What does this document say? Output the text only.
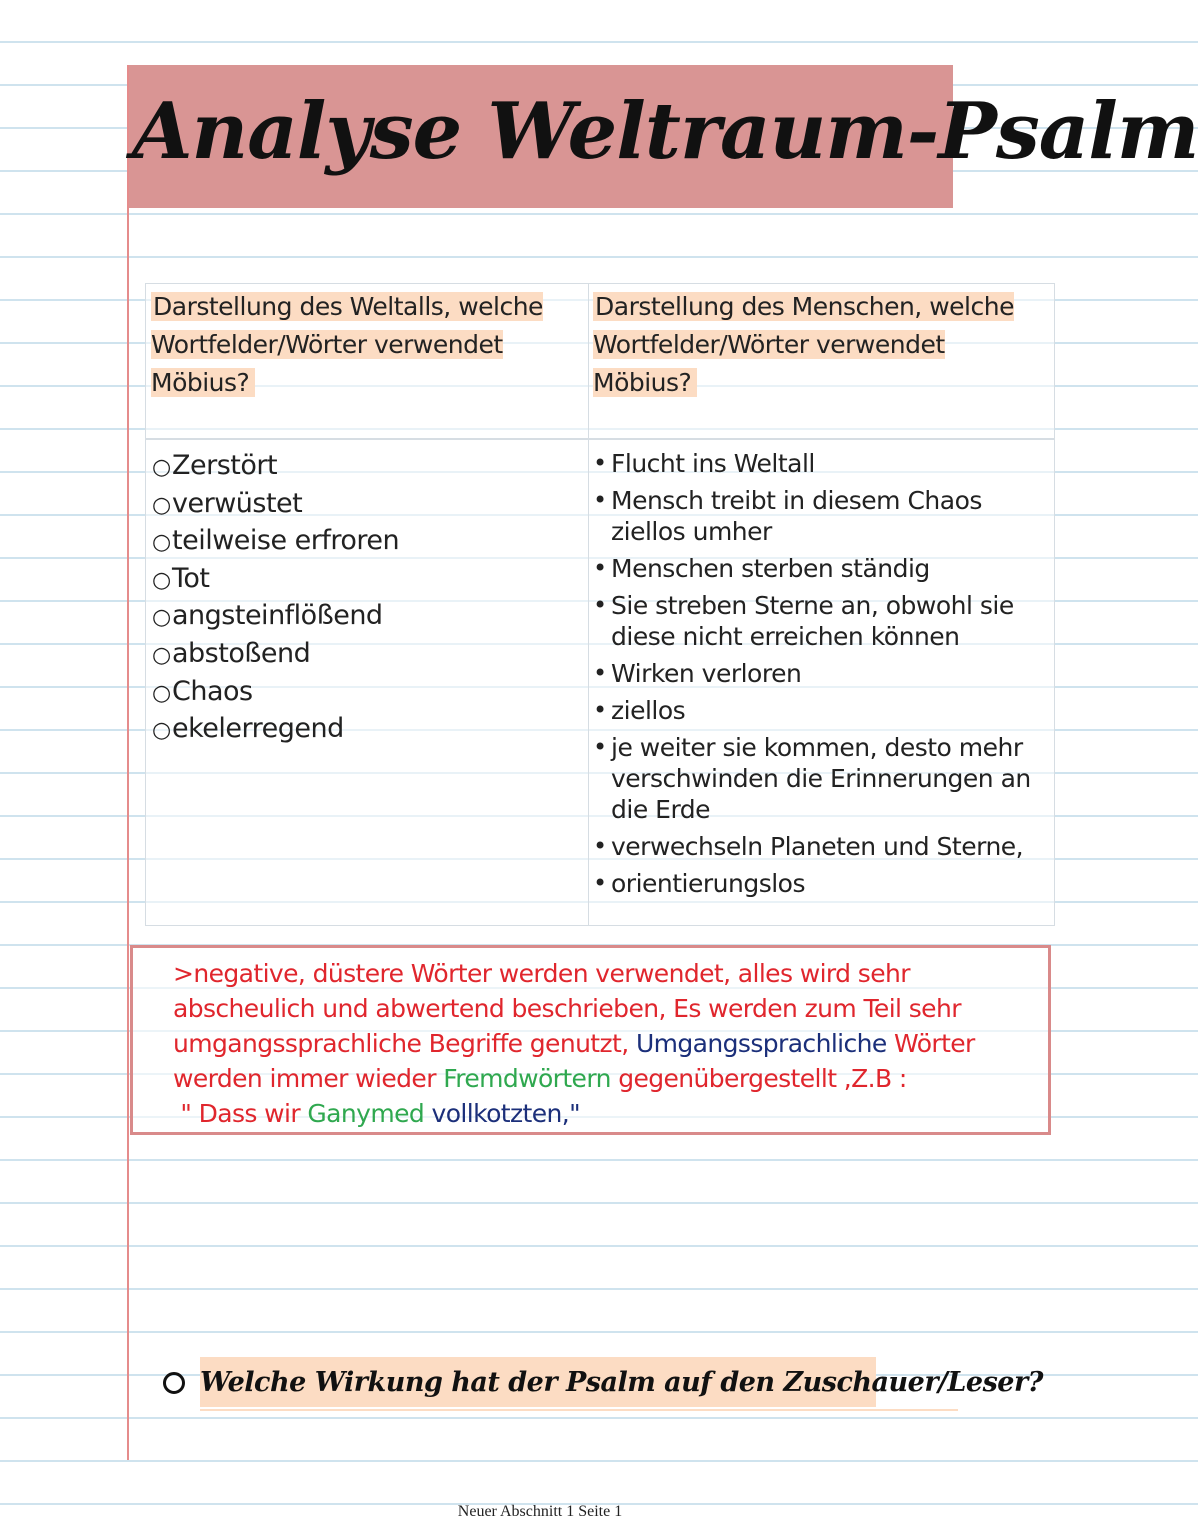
Analyse Weltraum-Psalm
Darstellung des Weltalls, welche Wortfelder/Wörter verwendet Möbius?
Darstellung des Menschen, welche Wortfelder/Wörter verwendet Möbius?
○Zerstört
○verwüstet
○teilweise erfroren
○Tot
○angsteinflößend
○abstoßend
○Chaos
○ekelerregend
• Flucht ins Weltall
• Mensch treibt in diesem Chaos ziellos umher
• Menschen sterben ständig
• Sie streben Sterne an, obwohl sie diese nicht erreichen können
• Wirken verloren
• ziellos
• je weiter sie kommen, desto mehr verschwinden die Erinnerungen an die Erde
• verwechseln Planeten und Sterne,
• orientierungslos

>negative, düstere Wörter werden verwendet, alles wird sehr abscheulich und abwertend beschrieben, Es werden zum Teil sehr umgangssprachliche Begriffe genutzt, Umgangssprachliche Wörter werden immer wieder Fremdwörtern gegenübergestellt ,Z.B :
" Dass wir Ganymed vollkotzten,"

Welche Wirkung hat der Psalm auf den Zuschauer/Leser?

Neuer Abschnitt 1 Seite 1
